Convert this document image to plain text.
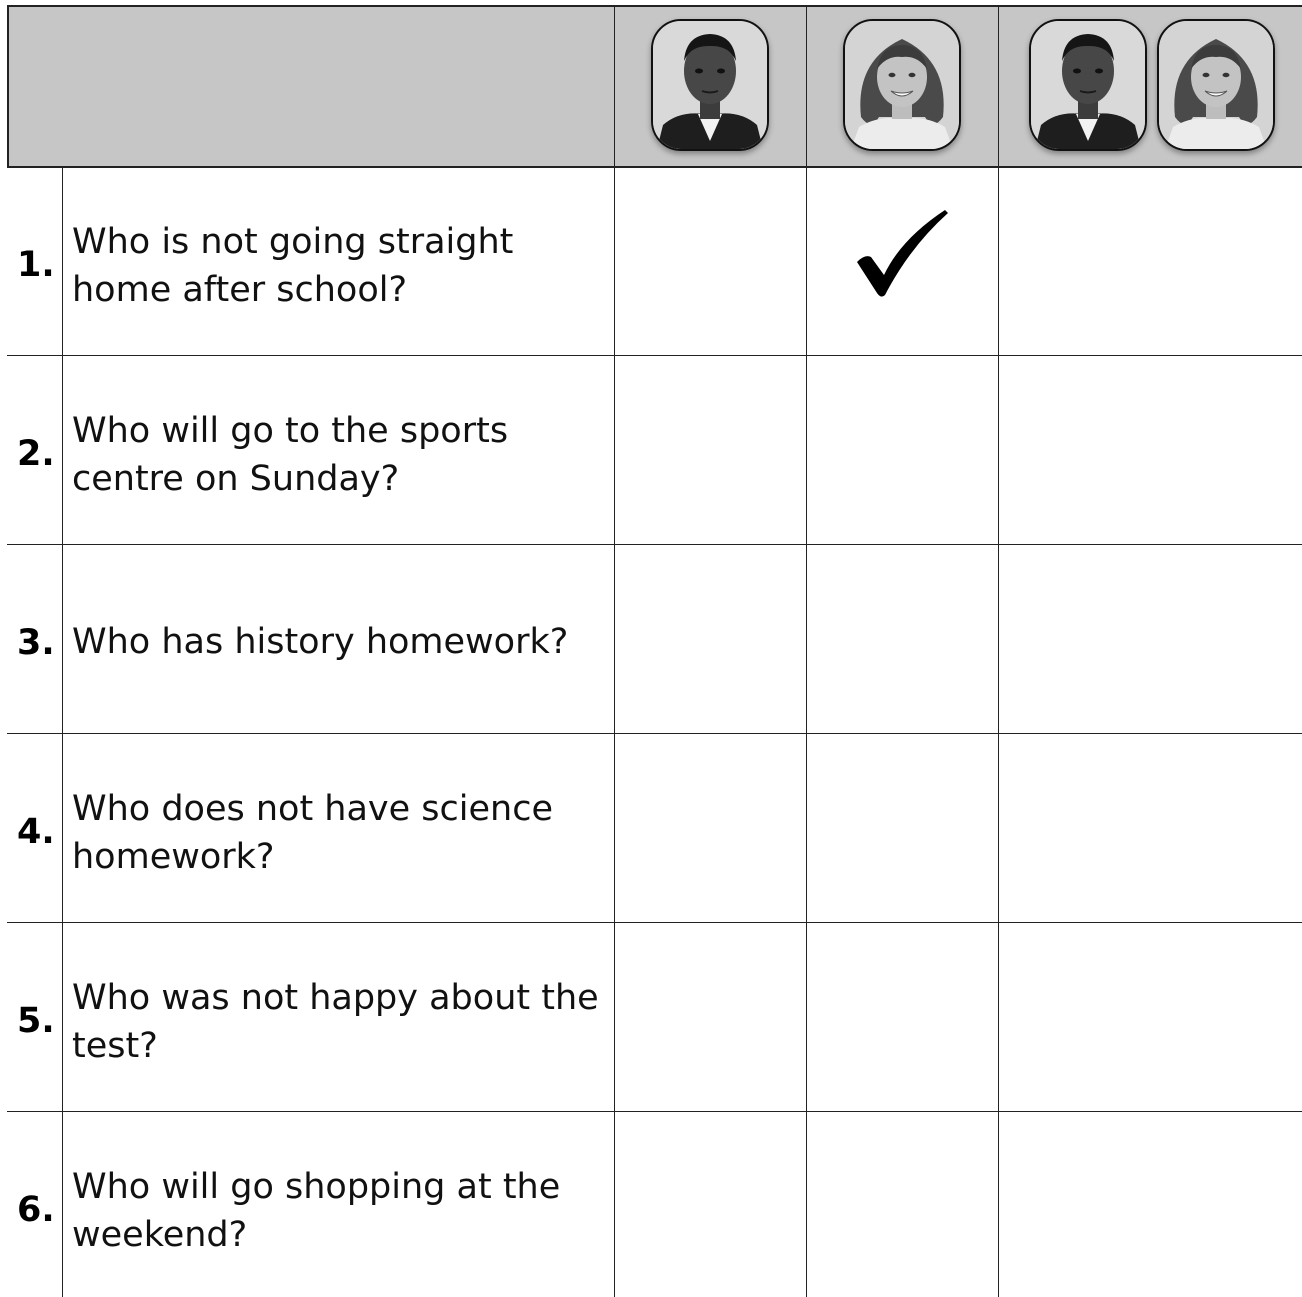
1.
2.
3.
4.
5.
6.
Who is not going straight home after school?
Who will go to the sports centre on Sunday?
Who has history homework?
Who does not have science homework?
Who was not happy about the test?
Who will go shopping at the weekend?
